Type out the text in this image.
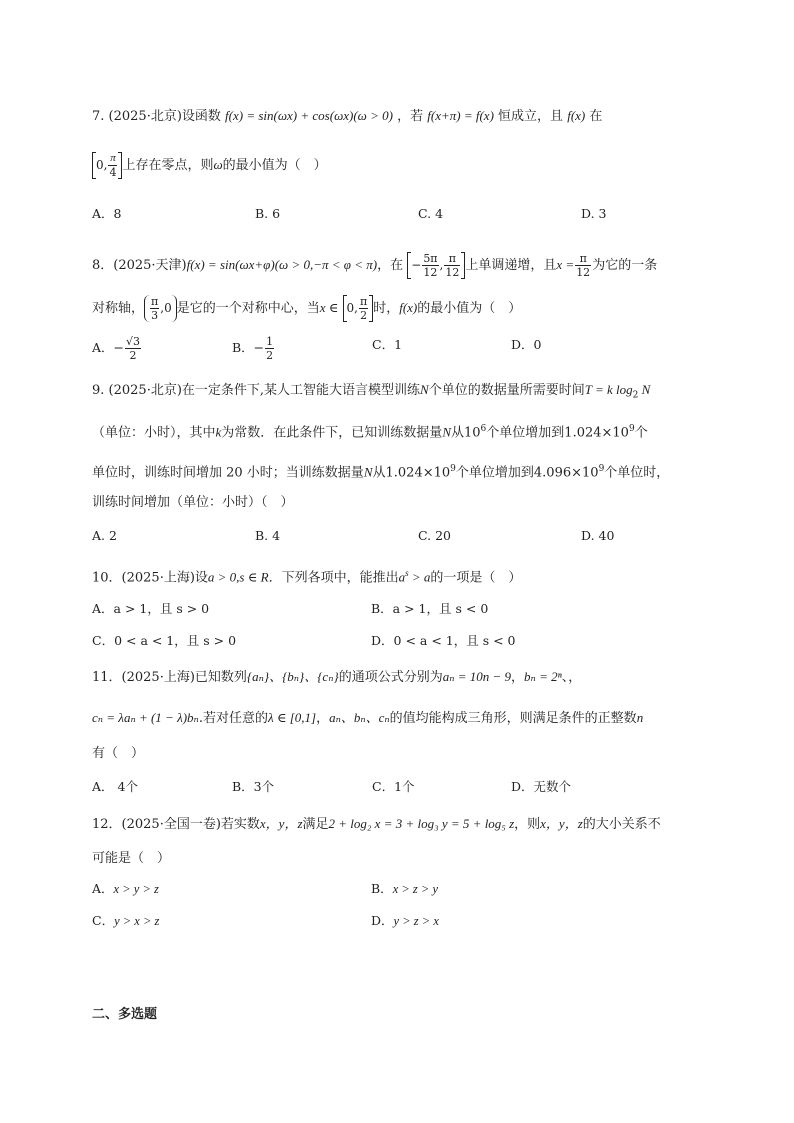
7. (2025·北京)设函数 f(x) = sin(ωx) + cos(ωx)(ω > 0) ，若 f(x+π) = f(x) 恒成立，且 f(x) 在
0, $\frac{\pi}{4}$ 上存在零点，则ω的最小值为（　）
A．8	B. 6	C. 4	D. 3
8．(2025·天津)f(x) = sin(ωx+φ)(ω > 0,−π < φ < π)，在 − $\frac{5\pi}{12}$ , $\frac{\pi}{12}$ 上单调递增，且$x = \frac{\pi}{12}$ 为它的一条
对称轴， $\frac{\pi}{3} ,0$ 是它的一个对称中心，当x ∈ 0, $\frac{\pi}{2}$ 时，f(x)的最小值为（　）
A．− $\frac{√3}{2}$	B．− $\frac{1}{2}$	C．1	D．0
9. (2025·北京)在一定条件下,某人工智能大语言模型训练N个单位的数据量所需要时间T = k $\log_2 N$
（单位：小时），其中k为常数．在此条件下，已知训练数据量N从$10^6$个单位增加到$1.024\times 10^9$个
单位时，训练时间增加 20 小时；当训练数据量N从$1.024\times 10^9$个单位增加到$4.096\times 10^9$个单位时，
训练时间增加（单位：小时）（　）
A. 2	B. 4	C. 20	D. 40
10．(2025·上海)设a > 0,s ∈ R．下列各项中，能推出$a^s > a$的一项是（　）
A．a > 1，且 s > 0	B．a > 1，且 s < 0
C．0 < a < 1，且 s > 0	D．0 < a < 1，且 s < 0
11．(2025·上海)已知数列{aₙ}、{bₙ}、{cₙ}的通项公式分别为aₙ = 10n − 9，bₙ = 2ⁿ、，
cₙ = λaₙ + (1 − λ)bₙ.若对任意的λ ∈ [0,1]，aₙ、bₙ、cₙ的值均能构成三角形，则满足条件的正整数n
有（　）
A． 4个	B．3个	C．1个	D．无数个
12．(2025·全国一卷)若实数x，y，z满足2 + log₂ x = 3 + log₃ y = 5 + log₅ z，则x，y，z的大小关系不
可能是（　）
A．x > y > z	B．x > z > y
C．y > x > z	D．y > z > x
二、多选题
